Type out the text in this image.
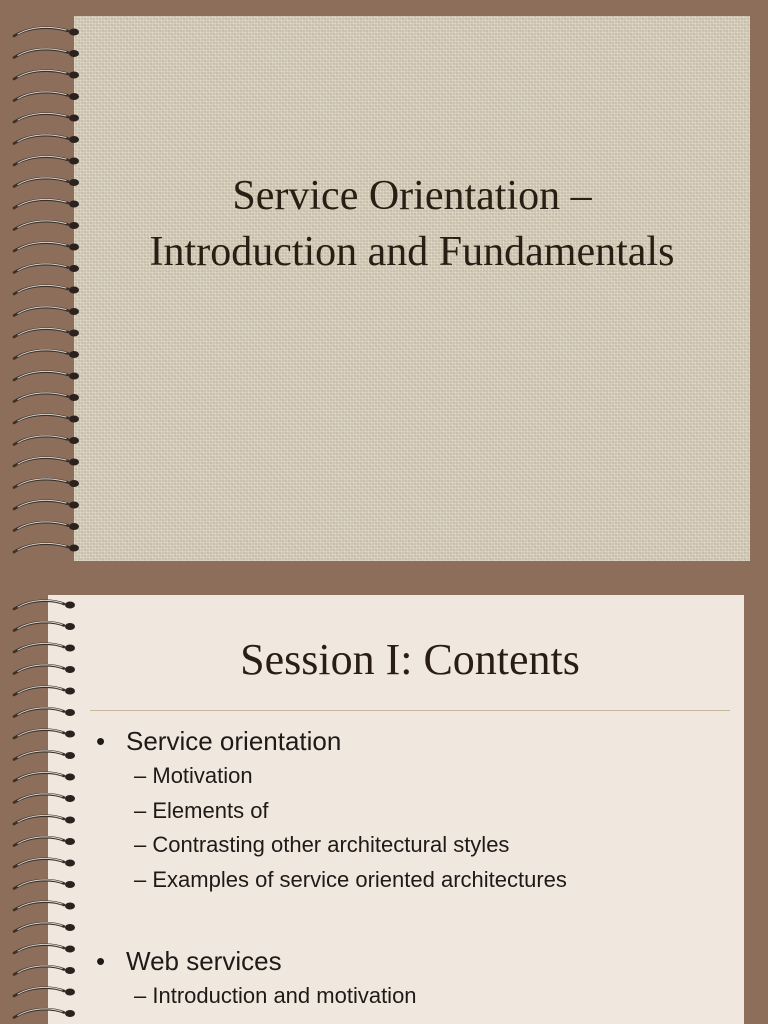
Service Orientation –
Introduction and Fundamentals
Session I: Contents
• Service orientation
– Motivation
– Elements of
– Contrasting other architectural styles
– Examples of service oriented architectures
• Web services
– Introduction and motivation
